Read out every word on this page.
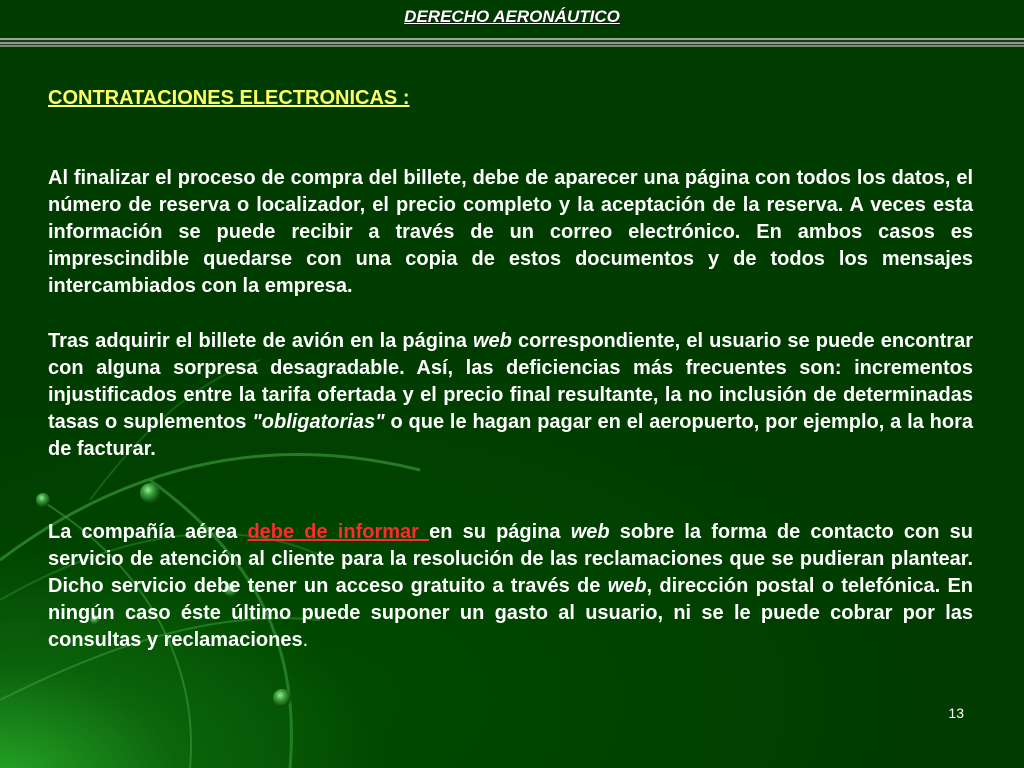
DERECHO AERONÁUTICO
CONTRATACIONES ELECTRONICAS :

Al finalizar el proceso de compra del billete, debe de aparecer una página con todos los datos, el número de reserva o localizador, el precio completo y la aceptación de la reserva. A veces esta información se puede recibir a través de un correo electrónico. En ambos casos es imprescindible quedarse con una copia de estos documentos y de todos los mensajes intercambiados con la empresa.

Tras adquirir el billete de avión en la página web correspondiente, el usuario se puede encontrar con alguna sorpresa desagradable. Así, las deficiencias más frecuentes son: incrementos injustificados entre la tarifa ofertada y el precio final resultante, la no inclusión de determinadas tasas o suplementos "obligatorias" o que le hagan pagar en el aeropuerto, por ejemplo, a la hora de facturar.

La compañía aérea debe de informar en su página web sobre la forma de contacto con su servicio de atención al cliente para la resolución de las reclamaciones que se pudieran plantear. Dicho servicio debe tener un acceso gratuito a través de web, dirección postal o telefónica. En ningún caso éste último puede suponer un gasto al usuario, ni se le puede cobrar por las consultas y reclamaciones.

13
